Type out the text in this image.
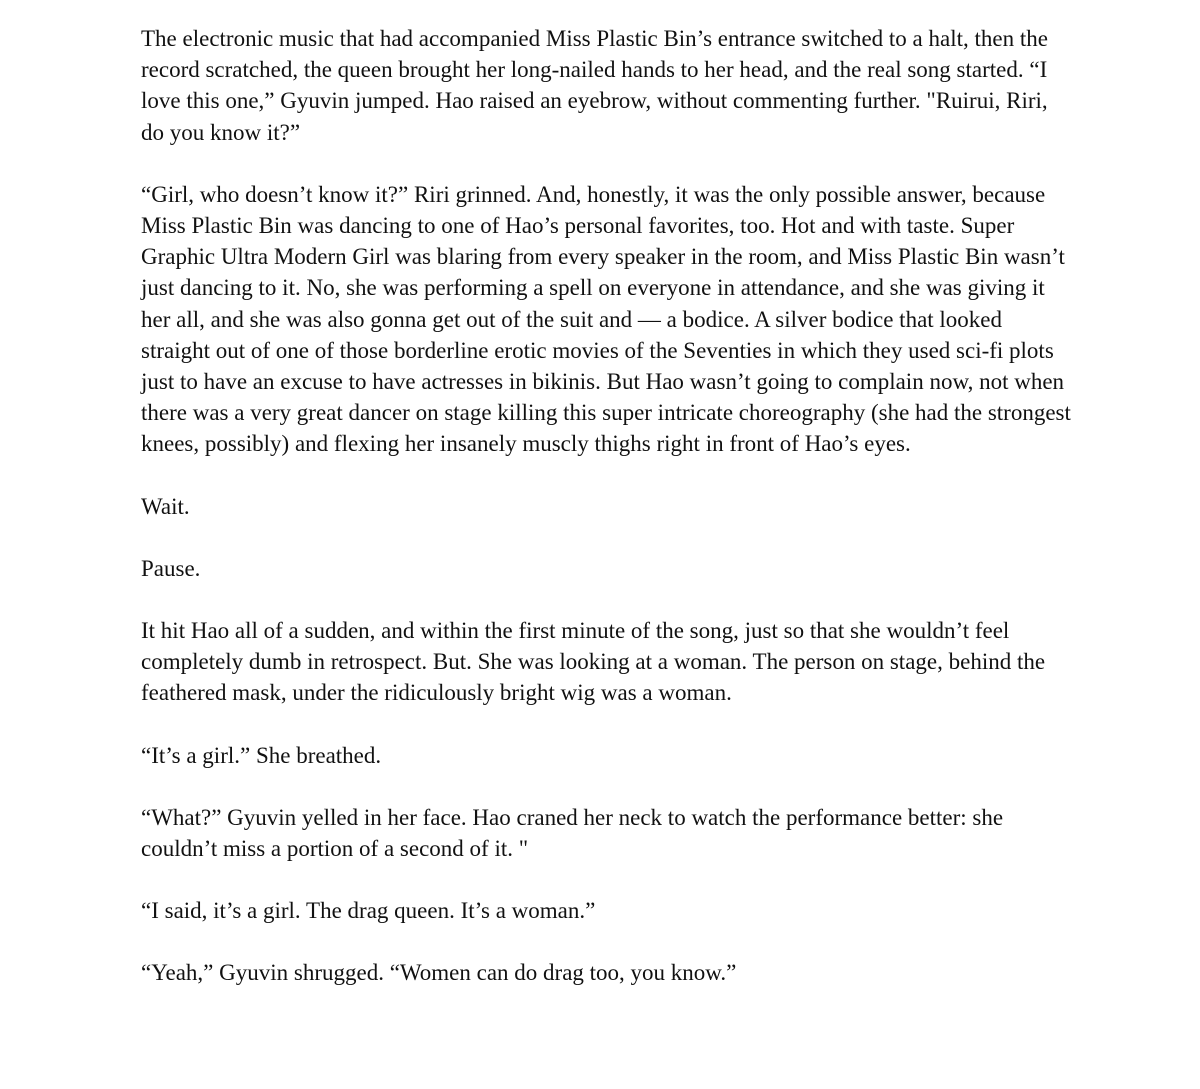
The electronic music that had accompanied Miss Plastic Bin’s entrance switched to a halt, then the record scratched, the queen brought her long-nailed hands to her head, and the real song started. “I love this one,” Gyuvin jumped. Hao raised an eyebrow, without commenting further. "Ruirui, Riri, do you know it?”

“Girl, who doesn’t know it?” Riri grinned. And, honestly, it was the only possible answer, because Miss Plastic Bin was dancing to one of Hao’s personal favorites, too. Hot and with taste. Super Graphic Ultra Modern Girl was blaring from every speaker in the room, and Miss Plastic Bin wasn’t just dancing to it. No, she was performing a spell on everyone in attendance, and she was giving it her all, and she was also gonna get out of the suit and — a bodice. A silver bodice that looked straight out of one of those borderline erotic movies of the Seventies in which they used sci-fi plots just to have an excuse to have actresses in bikinis. But Hao wasn’t going to complain now, not when there was a very great dancer on stage killing this super intricate choreography (she had the strongest knees, possibly) and flexing her insanely muscly thighs right in front of Hao’s eyes.

Wait.

Pause.

It hit Hao all of a sudden, and within the first minute of the song, just so that she wouldn’t feel completely dumb in retrospect. But. She was looking at a woman. The person on stage, behind the feathered mask, under the ridiculously bright wig was a woman.

“It’s a girl.” She breathed.

“What?” Gyuvin yelled in her face. Hao craned her neck to watch the performance better: she couldn’t miss a portion of a second of it. "

“I said, it’s a girl. The drag queen. It’s a woman.”

“Yeah,” Gyuvin shrugged. “Women can do drag too, you know.”
